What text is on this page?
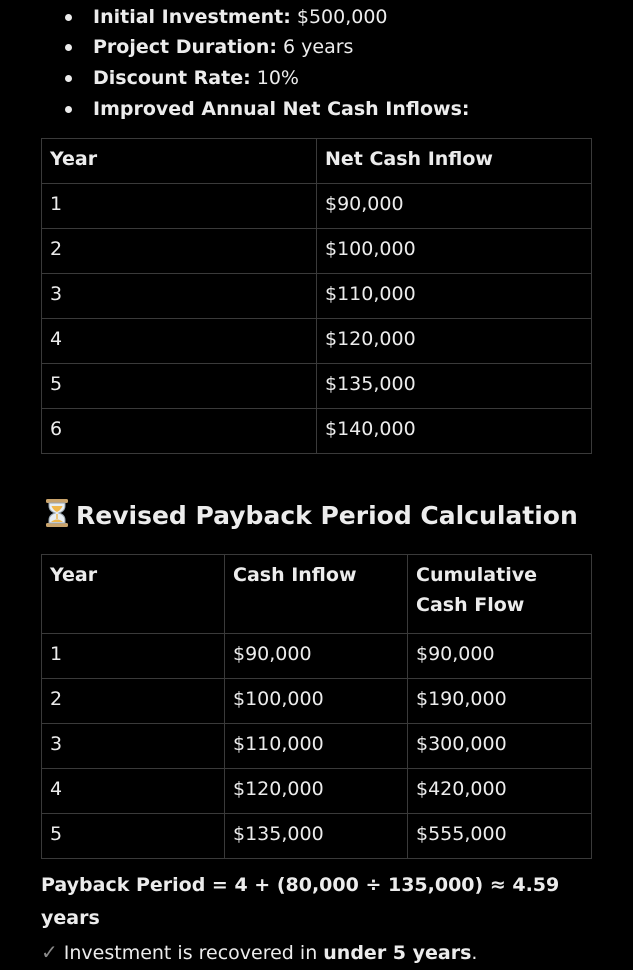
Initial Investment: $500,000
Project Duration: 6 years
Discount Rate: 10%
Improved Annual Net Cash Inflows:
Year	Net Cash Inflow
1	$90,000
2	$100,000
3	$110,000
4	$120,000
5	$135,000
6	$140,000
Revised Payback Period Calculation
Year	Cash Inflow	Cumulative Cash Flow
1	$90,000	$90,000
2	$100,000	$190,000
3	$110,000	$300,000
4	$120,000	$420,000
5	$135,000	$555,000
Payback Period = 4 + (80,000 ÷ 135,000) ≈ 4.59 years
✓ Investment is recovered in under 5 years.
